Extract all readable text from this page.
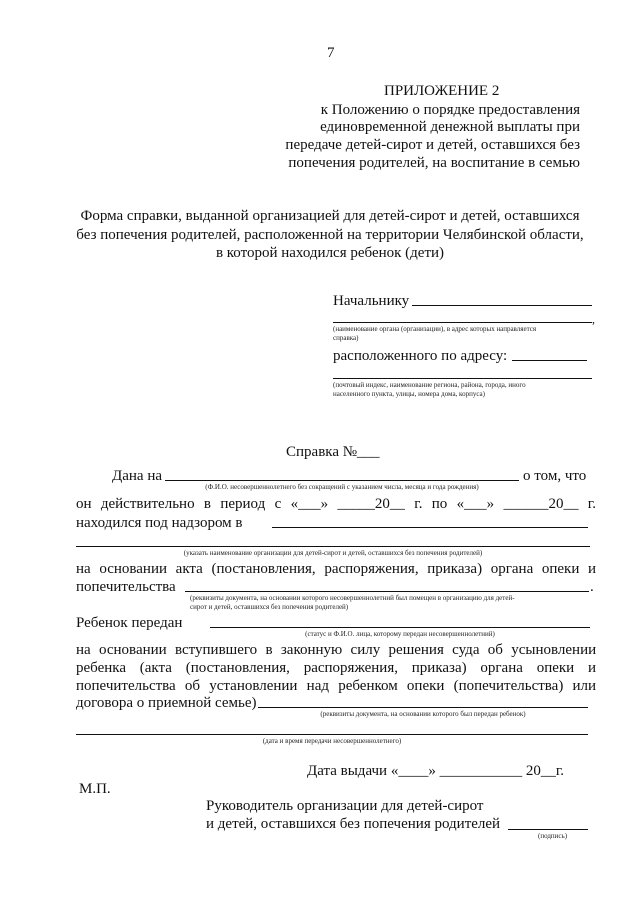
7
ПРИЛОЖЕНИЕ 2
к Положению о порядке предоставления
единовременной денежной выплаты при
передаче детей-сирот и детей, оставшихся без
попечения родителей, на воспитание в семью
Форма справки, выданной организацией для детей-сирот и детей, оставшихся
без попечения родителей, расположенной на территории Челябинской области,
в которой находился ребенок (дети)
Начальнику
,
(наименование органа (организации), в адрес которых направляется
справка)
расположенного по адресу:
(почтовый индекс, наименование региона, района, города, иного
населенного пункта, улицы, номера дома, корпуса)
Справка №___
Дана на	о том, что
(Ф.И.О. несовершеннолетнего без сокращений с указанием числа, месяца и года рождения)
он действительно в период с «___» _____20__ г. по «___» ______20__ г.
находился под надзором в
(указать наименование организации для детей-сирот и детей, оставшихся без попечения родителей)
на основании акта (постановления, распоряжения, приказа) органа опеки и
попечительства	.
(реквизиты документа, на основании которого несовершеннолетний был помещен в организацию для детей-
сирот и детей, оставшихся без попечения родителей)
Ребенок передан
(статус и Ф.И.О. лица, которому передан несовершеннолетний)
на основании вступившего в законную силу решения суда об усыновлении
ребенка (акта (постановления, распоряжения, приказа) органа опеки и
попечительства об установлении над ребенком опеки (попечительства) или
договора о приемной семье)
(реквизиты документа, на основании которого был передан ребенок)
(дата и время передачи несовершеннолетнего)
Дата выдачи «____» ___________ 20__г.
М.П.
Руководитель организации для детей-сирот
и детей, оставшихся без попечения родителей
(подпись)
